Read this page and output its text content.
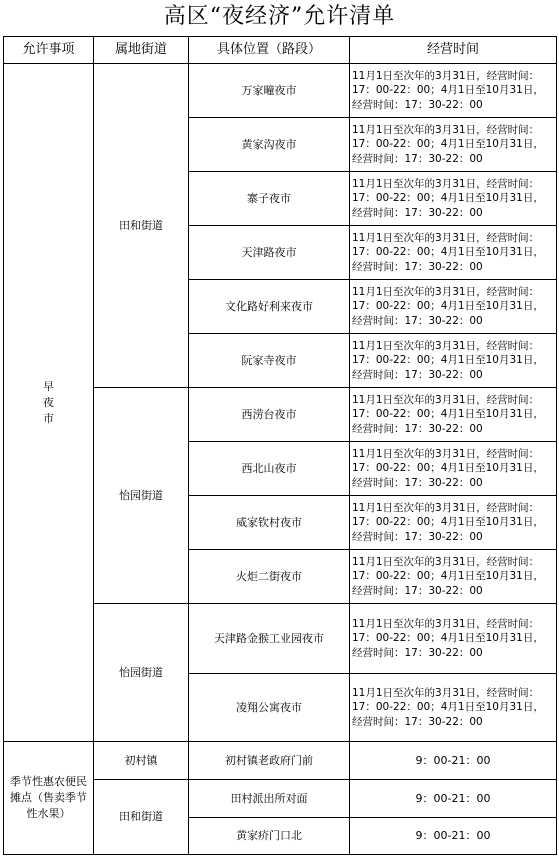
高区“夜经济”允许清单
允许事项	属地街道	具体位置（路段）	经营时间
早夜市	田和街道	万家疃夜市	11月1日至次年的3月31日，经营时间：17：00-22：00；4月1日至10月31日，经营时间：17：30-22：00
		黄家沟夜市	11月1日至次年的3月31日，经营时间：17：00-22：00；4月1日至10月31日，经营时间：17：30-22：00
		寨子夜市	11月1日至次年的3月31日，经营时间：17：00-22：00；4月1日至10月31日，经营时间：17：30-22：00
		天津路夜市	11月1日至次年的3月31日，经营时间：17：00-22：00；4月1日至10月31日，经营时间：17：30-22：00
		文化路好利来夜市	11月1日至次年的3月31日，经营时间：17：00-22：00；4月1日至10月31日，经营时间：17：30-22：00
		阮家寺夜市	11月1日至次年的3月31日，经营时间：17：00-22：00；4月1日至10月31日，经营时间：17：30-22：00
	怡园街道	西涝台夜市	11月1日至次年的3月31日，经营时间：17：00-22：00；4月1日至10月31日，经营时间：17：30-22：00
		西北山夜市	11月1日至次年的3月31日，经营时间：17：00-22：00；4月1日至10月31日，经营时间：17：30-22：00
		威家钦村夜市	11月1日至次年的3月31日，经营时间：17：00-22：00；4月1日至10月31日，经营时间：17：30-22：00
		火炬二街夜市	11月1日至次年的3月31日，经营时间：17：00-22：00；4月1日至10月31日，经营时间：17：30-22：00
	怡园街道	天津路金猴工业园夜市	11月1日至次年的3月31日，经营时间：17：00-22：00；4月1日至10月31日，经营时间：17：30-22：00
		凌翔公寓夜市	11月1日至次年的3月31日，经营时间：17：00-22：00；4月1日至10月31日，经营时间：17：30-22：00
季节性惠农便民摊点（售卖季节性水果）	初村镇	初村镇老政府门前	9：00-21：00
	田和街道	田村派出所对面	9：00-21：00
		黄家疥门口北	9：00-21：00
